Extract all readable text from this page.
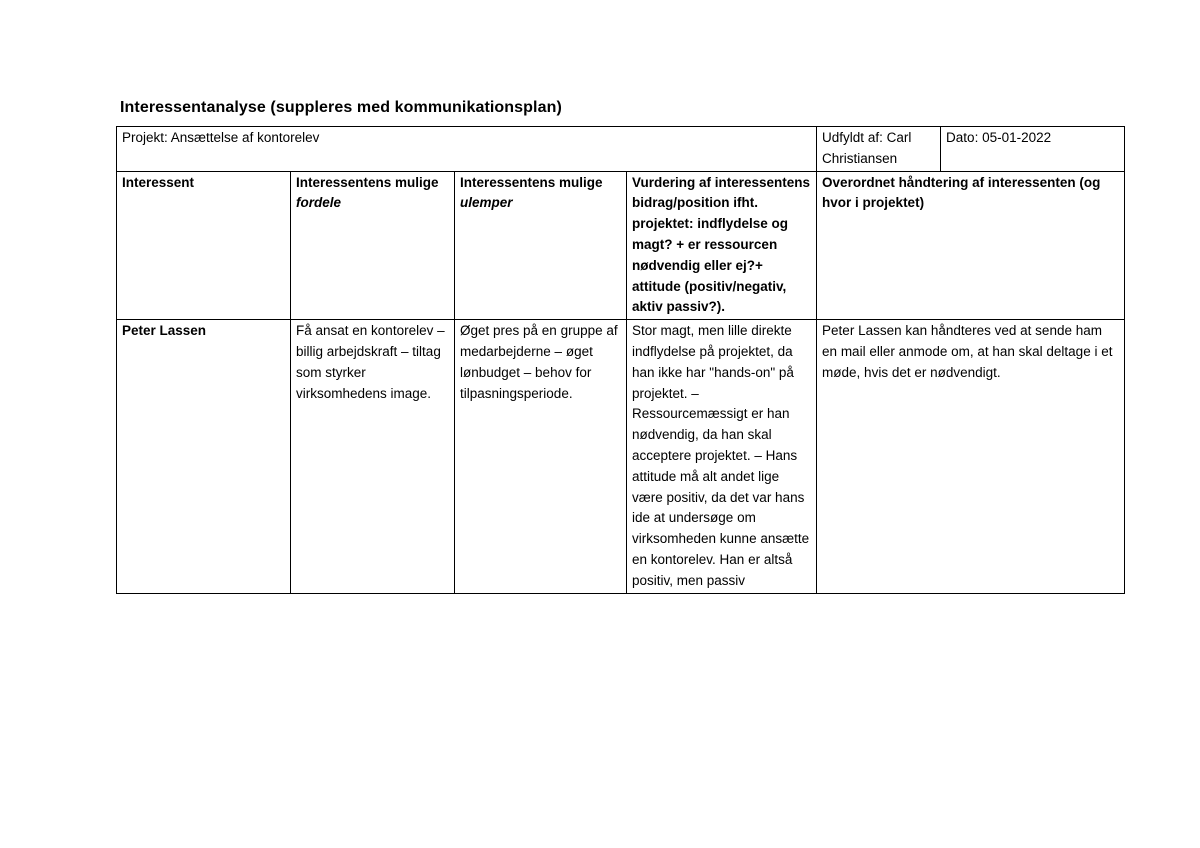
Interessentanalyse (suppleres med kommunikationsplan)
Projekt: Ansættelse af kontorelev				Udfyldt af: Carl Christiansen	Dato: 05-01-2022
Interessent	Interessentens mulige fordele	Interessentens mulige ulemper	Vurdering af interessentens bidrag/position ifht. projektet: indflydelse og magt? + er ressourcen nødvendig eller ej?+ attitude (positiv/negativ, aktiv passiv?).	Overordnet håndtering af interessenten (og hvor i projektet)	
Peter Lassen	Få ansat en kontorelev – billig arbejdskraft – tiltag som styrker virksomhedens image.	Øget pres på en gruppe af medarbejderne – øget lønbudget – behov for tilpasningsperiode.	Stor magt, men lille direkte indflydelse på projektet, da han ikke har "hands-on" på projektet. – Ressourcemæssigt er han nødvendig, da han skal acceptere projektet. – Hans attitude må alt andet lige være positiv, da det var hans ide at undersøge om virksomheden kunne ansætte en kontorelev. Han er altså positiv, men passiv	Peter Lassen kan håndteres ved at sende ham en mail eller anmode om, at han skal deltage i et møde, hvis det er nødvendigt.	
